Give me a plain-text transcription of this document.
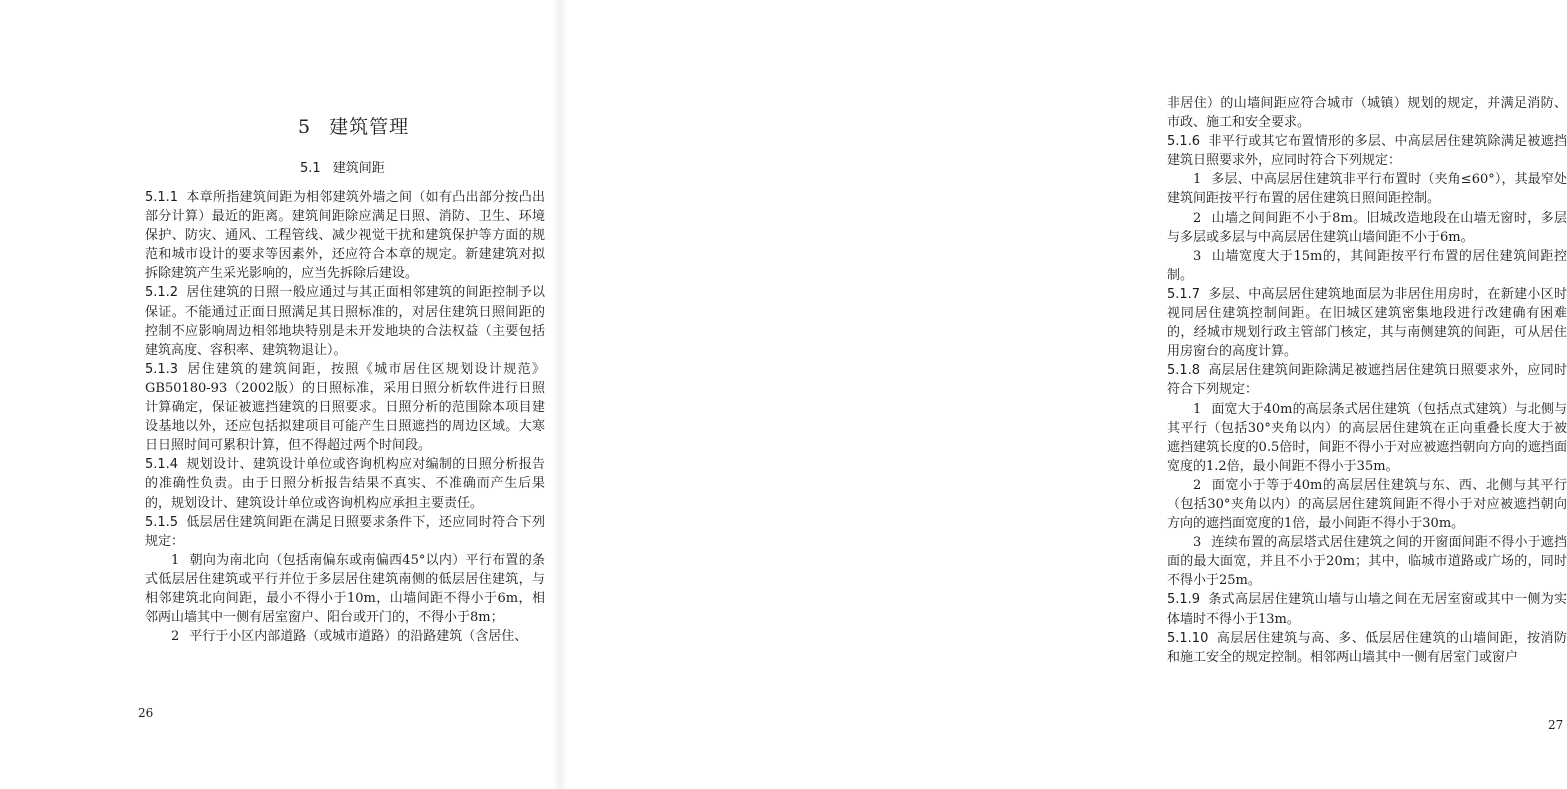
5 建筑管理
5.1 建筑间距

5.1.1 本章所指建筑间距为相邻建筑外墙之间（如有凸出部分按凸出部分计算）最近的距离。建筑间距除应满足日照、消防、卫生、环境保护、防灾、通风、工程管线、减少视觉干扰和建筑保护等方面的规范和城市设计的要求等因素外，还应符合本章的规定。新建建筑对拟拆除建筑产生采光影响的，应当先拆除后建设。

5.1.2 居住建筑的日照一般应通过与其正面相邻建筑的间距控制予以保证。不能通过正面日照满足其日照标准的，对居住建筑日照间距的控制不应影响周边相邻地块特别是未开发地块的合法权益（主要包括建筑高度、容积率、建筑物退让）。

5.1.3 居住建筑的建筑间距，按照《城市居住区规划设计规范》GB50180-93（2002版）的日照标准，采用日照分析软件进行日照计算确定，保证被遮挡建筑的日照要求。日照分析的范围除本项目建设基地以外，还应包括拟建项目可能产生日照遮挡的周边区域。大寒日日照时间可累积计算，但不得超过两个时间段。

5.1.4 规划设计、建筑设计单位或咨询机构应对编制的日照分析报告的准确性负责。由于日照分析报告结果不真实、不准确而产生后果的，规划设计、建筑设计单位或咨询机构应承担主要责任。

5.1.5 低层居住建筑间距在满足日照要求条件下，还应同时符合下列规定：

1 朝向为南北向（包括南偏东或南偏西45°以内）平行布置的条式低层居住建筑或平行并位于多层居住建筑南侧的低层居住建筑，与相邻建筑北向间距，最小不得小于10m，山墙间距不得小于6m，相邻两山墙其中一侧有居室窗户、阳台或开门的，不得小于8m；

2 平行于小区内部道路（或城市道路）的沿路建筑（含居住、

26

非居住）的山墙间距应符合城市（城镇）规划的规定，并满足消防、市政、施工和安全要求。

5.1.6 非平行或其它布置情形的多层、中高层居住建筑除满足被遮挡建筑日照要求外，应同时符合下列规定：

1 多层、中高层居住建筑非平行布置时（夹角≤60°），其最窄处建筑间距按平行布置的居住建筑日照间距控制。

2 山墙之间间距不小于8m。旧城改造地段在山墙无窗时，多层与多层或多层与中高层居住建筑山墙间距不小于6m。

3 山墙宽度大于15m的，其间距按平行布置的居住建筑间距控制。

5.1.7 多层、中高层居住建筑地面层为非居住用房时，在新建小区时视同居住建筑控制间距。在旧城区建筑密集地段进行改建确有困难的，经城市规划行政主管部门核定，其与南侧建筑的间距，可从居住用房窗台的高度计算。

5.1.8 高层居住建筑间距除满足被遮挡居住建筑日照要求外，应同时符合下列规定：

1 面宽大于40m的高层条式居住建筑（包括点式建筑）与北侧与其平行（包括30°夹角以内）的高层居住建筑在正向重叠长度大于被遮挡建筑长度的0.5倍时，间距不得小于对应被遮挡朝向方向的遮挡面宽度的1.2倍，最小间距不得小于35m。

2 面宽小于等于40m的高层居住建筑与东、西、北侧与其平行（包括30°夹角以内）的高层居住建筑间距不得小于对应被遮挡朝向方向的遮挡面宽度的1倍，最小间距不得小于30m。

3 连续布置的高层塔式居住建筑之间的开窗面间距不得小于遮挡面的最大面宽，并且不小于20m；其中，临城市道路或广场的，同时不得小于25m。

5.1.9 条式高层居住建筑山墙与山墙之间在无居室窗或其中一侧为实体墙时不得小于13m。

5.1.10 高层居住建筑与高、多、低层居住建筑的山墙间距，按消防和施工安全的规定控制。相邻两山墙其中一侧有居室门或窗户

27
